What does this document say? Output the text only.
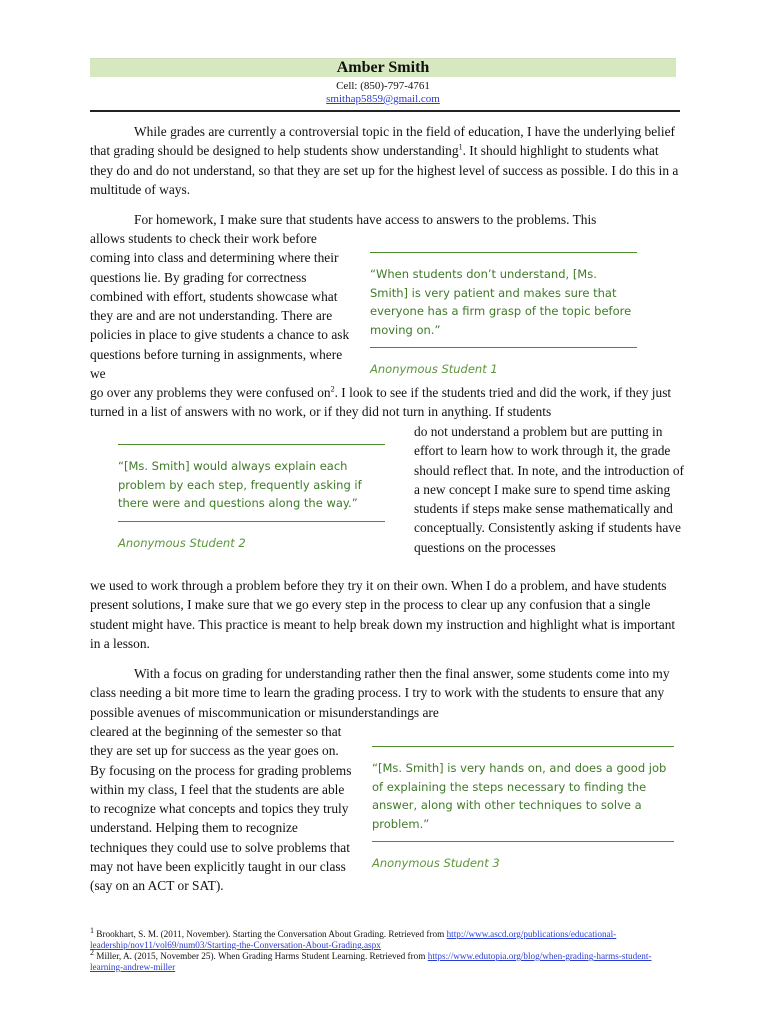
Amber Smith
Cell: (850)-797-4761
smithap5859@gmail.com

While grades are currently a controversial topic in the field of education, I have the underlying belief that grading should be designed to help students show understanding$^1$. It should highlight to students what they do and do not understand, so that they are set up for the highest level of success as possible. I do this in a multitude of ways.

For homework, I make sure that students have access to answers to the problems. This

allows students to check their work before coming into class and determining where their questions lie. By grading for correctness combined with effort, students showcase what they are and are not understanding. There are policies in place to give students a chance to ask questions before turning in assignments, where we

go over any problems they were confused $on^2$. I look to see if the students tried and did the work, if they just turned in a list of answers with no work, or if they did not turn in anything. If students

do not understand a problem but are putting in effort to learn how to work through it, the grade should reflect that. In note, and the introduction of a new concept I make sure to spend time asking students if steps make sense mathematically and conceptually. Consistently asking if students have questions on the processes

we used to work through a problem before they try it on their own. When I do a problem, and have students present solutions, I make sure that we go every step in the process to clear up any confusion that a single student might have. This practice is meant to help break down my instruction and highlight what is important in a lesson.

With a focus on grading for understanding rather then the final answer, some students come into my class needing a bit more time to learn the grading process. I try to work with the students to ensure that any possible avenues of miscommunication or misunderstandings are

cleared at the beginning of the semester so that they are set up for success as the year goes on. By focusing on the process for grading problems within my class, I feel that the students are able to recognize what concepts and topics they truly understand. Helping them to recognize techniques they could use to solve problems that may not have been explicitly taught in our class (say on an ACT or SAT).

“When students don’t understand, [Ms. Smith] is very patient and makes sure that everyone has a firm grasp of the topic before moving on.”
Anonymous Student 1
“[Ms. Smith] would always explain each problem by each step, frequently asking if there were and questions along the way.”
Anonymous Student 2
“[Ms. Smith] is very hands on, and does a good job of explaining the steps necessary to finding the answer, along with other techniques to solve a problem.”
Anonymous Student 3
$^1$ Brookhart, S. M. (2011, November). Starting the Conversation About Grading. Retrieved from http://www.ascd.org/publications/educational-leadership/nov11/vol69/num03/Starting-the-Conversation-About-Grading.aspx
$^2$ Miller, A. (2015, November 25). When Grading Harms Student Learning. Retrieved from https://www.edutopia.org/blog/when-grading-harms-student-learning-andrew-miller
